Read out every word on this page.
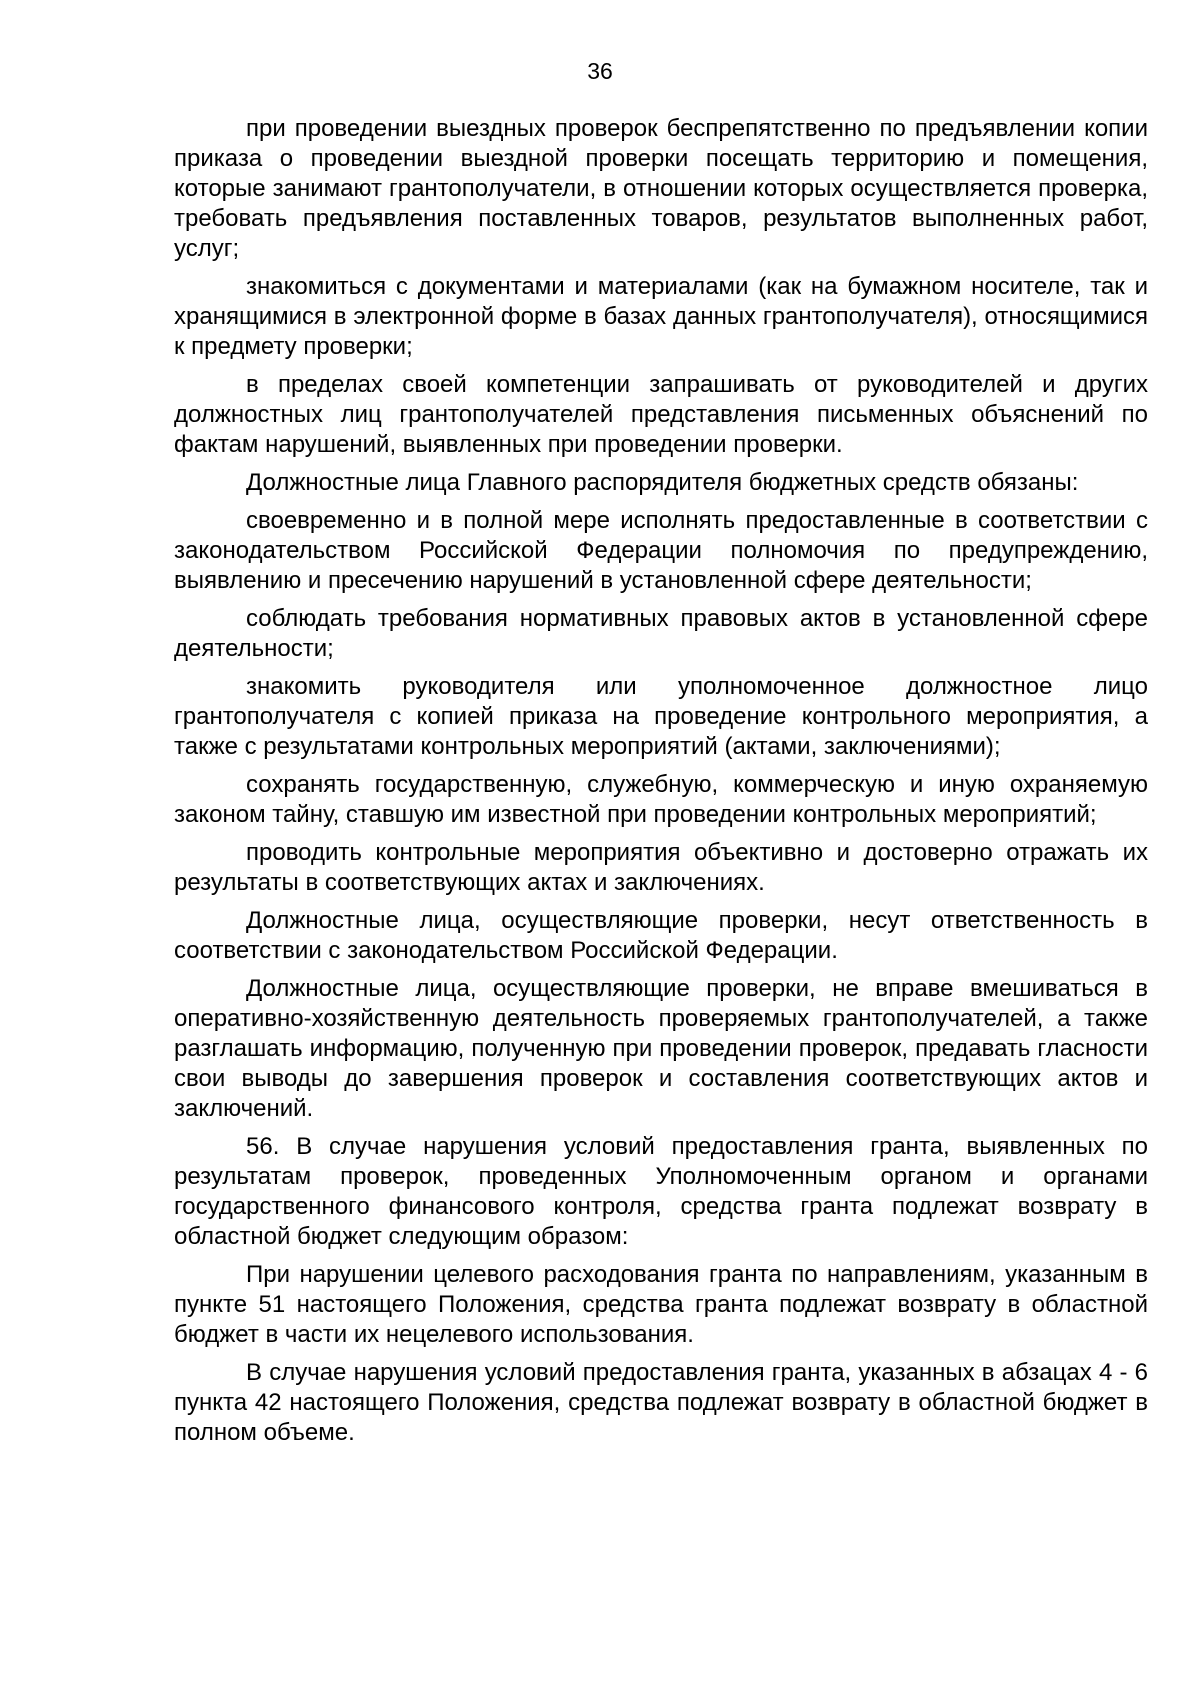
36

при проведении выездных проверок беспрепятственно по предъявлении копии приказа о проведении выездной проверки посещать территорию и помещения, которые занимают грантополучатели, в отношении которых осуществляется проверка, требовать предъявления поставленных товаров, результатов выполненных работ, услуг;

знакомиться с документами и материалами (как на бумажном носителе, так и хранящимися в электронной форме в базах данных грантополучателя), относящимися к предмету проверки;

в пределах своей компетенции запрашивать от руководителей и других должностных лиц грантополучателей представления письменных объяснений по фактам нарушений, выявленных при проведении проверки.

Должностные лица Главного распорядителя бюджетных средств обязаны:

своевременно и в полной мере исполнять предоставленные в соответствии с законодательством Российской Федерации полномочия по предупреждению, выявлению и пресечению нарушений в установленной сфере деятельности;

соблюдать требования нормативных правовых актов в установленной сфере деятельности;

знакомить руководителя или уполномоченное должностное лицо грантополучателя с копией приказа на проведение контрольного мероприятия, а также с результатами контрольных мероприятий (актами, заключениями);

сохранять государственную, служебную, коммерческую и иную охраняемую законом тайну, ставшую им известной при проведении контрольных мероприятий;

проводить контрольные мероприятия объективно и достоверно отражать их результаты в соответствующих актах и заключениях.

Должностные лица, осуществляющие проверки, несут ответственность в соответствии с законодательством Российской Федерации.

Должностные лица, осуществляющие проверки, не вправе вмешиваться в оперативно-хозяйственную деятельность проверяемых грантополучателей, а также разглашать информацию, полученную при проведении проверок, предавать гласности свои выводы до завершения проверок и составления соответствующих актов и заключений.

56. В случае нарушения условий предоставления гранта, выявленных по результатам проверок, проведенных Уполномоченным органом и органами государственного финансового контроля, средства гранта подлежат возврату в областной бюджет следующим образом:

При нарушении целевого расходования гранта по направлениям, указанным в пункте 51 настоящего Положения, средства гранта подлежат возврату в областной бюджет в части их нецелевого использования.

В случае нарушения условий предоставления гранта, указанных в абзацах 4 - 6 пункта 42 настоящего Положения, средства подлежат возврату в областной бюджет в полном объеме.
